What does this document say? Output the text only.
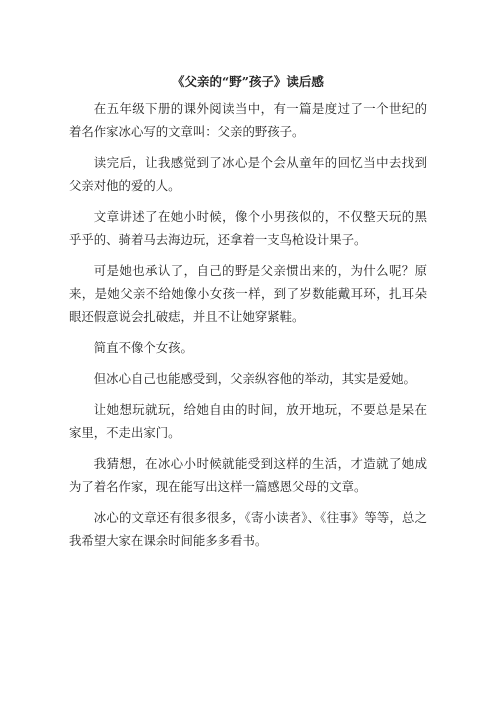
《父亲的“野”孩子》读后感

在五年级下册的课外阅读当中，有一篇是度过了一个世纪的着名作家冰心写的文章叫：父亲的野孩子。

读完后，让我感觉到了冰心是个会从童年的回忆当中去找到父亲对他的爱的人。

文章讲述了在她小时候，像个小男孩似的，不仅整天玩的黑乎乎的、骑着马去海边玩，还拿着一支鸟枪设计果子。

可是她也承认了，自己的野是父亲惯出来的，为什么呢？原来，是她父亲不给她像小女孩一样，到了岁数能戴耳环，扎耳朵眼还假意说会扎破痣，并且不让她穿紧鞋。

简直不像个女孩。

但冰心自己也能感受到，父亲纵容他的举动，其实是爱她。

让她想玩就玩，给她自由的时间，放开地玩，不要总是呆在家里，不走出家门。

我猜想，在冰心小时候就能受到这样的生活，才造就了她成为了着名作家，现在能写出这样一篇感恩父母的文章。

冰心的文章还有很多很多，《寄小读者》、《往事》等等，总之我希望大家在课余时间能多多看书。
